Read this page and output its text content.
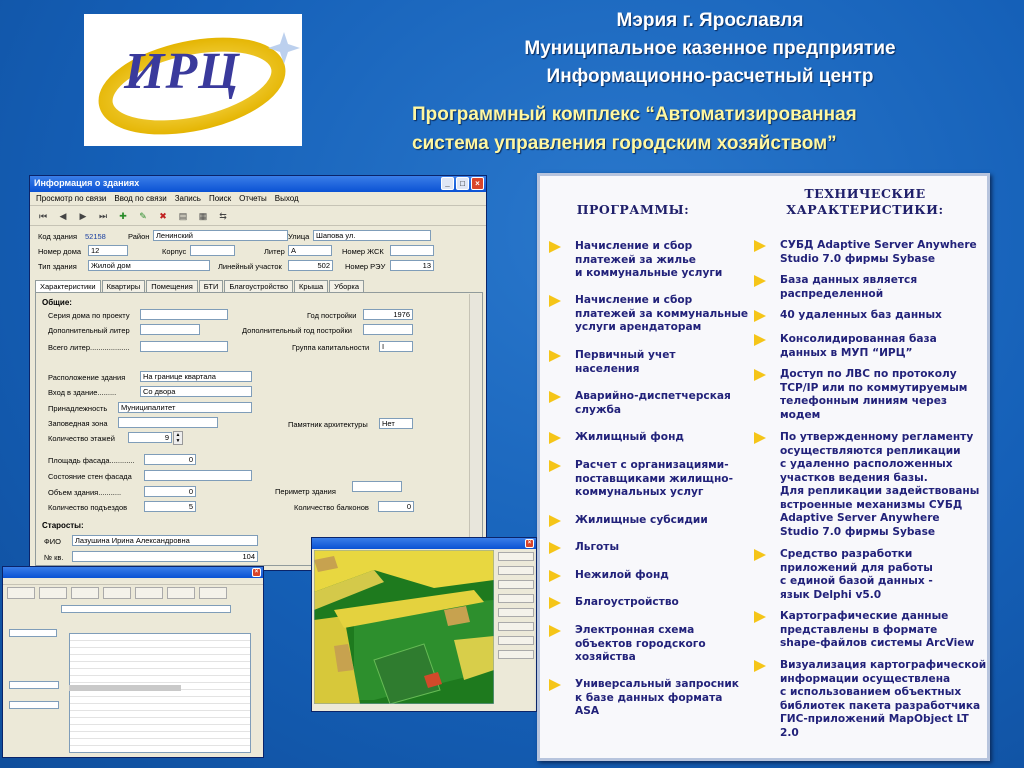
ИРЦ
Мэрия г. Ярославля
Муниципальное казенное предприятие
Информационно-расчетный центр
Программный комплекс “Автоматизированная
система управления городским хозяйством”
Информация о зданиях	_	□	×
Просмотр по связи Ввод по связи Запись Поиск Отчеты Выход
⏮	◀	▶	⏭	✚	✎	✖	▤	▦	⇆
Код здания 52158	Район Ленинский	Улица Шапова ул.
Номер дома	12	Корпус	Литер А	Номер ЖСК
Тип здания	Жилой дом	Линейный участок	502	Номер РЭУ	13
Характеристики	Квартиры	Помещения	БТИ	Благоустройство	Крыша	Уборка
Общие:
Серия дома по проекту	Год постройки	1976
Дополнительный литер	Дополнительный год постройки
Всего литер...................	Группа капитальности	I
Расположение здания	На границе квартала
Вход в здание.........	Со двора
Принадлежность	Муниципалитет
Заповедная зона	Памятник архитектуры	Нет
Количество этажей	9	▲
▼
Площадь фасада............	0
Состояние стен фасада
Объем здания...........	0	Периметр здания
Количество подъездов	5	Количество балконов	0
Старосты:
ФИО	Лазушина Ирина Александровна
№ кв.	104
×
×
ПРОГРАММЫ:
ТЕХНИЧЕСКИЕ
ХАРАКТЕРИСТИКИ:
Начисление и сбор
платежей за жилье
и коммунальные услуги
Начисление и сбор
платежей за коммунальные
услуги арендаторам
Первичный учет
населения
Аварийно-диспетчерская
служба
Жилищный фонд
Расчет с организациями-
поставщиками жилищно-
коммунальных услуг
Жилищные субсидии
Льготы
Нежилой фонд
Благоустройство
Электронная схема
объектов городского
хозяйства
Универсальный запросник
к базе данных формата
ASA
СУБД Adaptive Server Anywhere
Studio 7.0 фирмы Sybase
База данных является
распределенной
40 удаленных баз данных
Консолидированная база
данных в МУП “ИРЦ”
Доступ по ЛВС по протоколу
TCP/IP или по коммутируемым
телефонным линиям через
модем
По утвержденному регламенту
осуществляются репликации
с удаленно расположенных
участков ведения базы.
Для репликации задействованы
встроенные механизмы СУБД
Adaptive Server Anywhere
Studio 7.0 фирмы Sybase
Средство разработки
приложений для работы
с единой базой данных -
язык Delphi v5.0
Картографические данные
представлены в формате
shape-файлов системы ArcView
Визуализация картографической
информации осуществлена
с использованием объектных
библиотек пакета разработчика
ГИС-приложений MapObject LT 2.0
